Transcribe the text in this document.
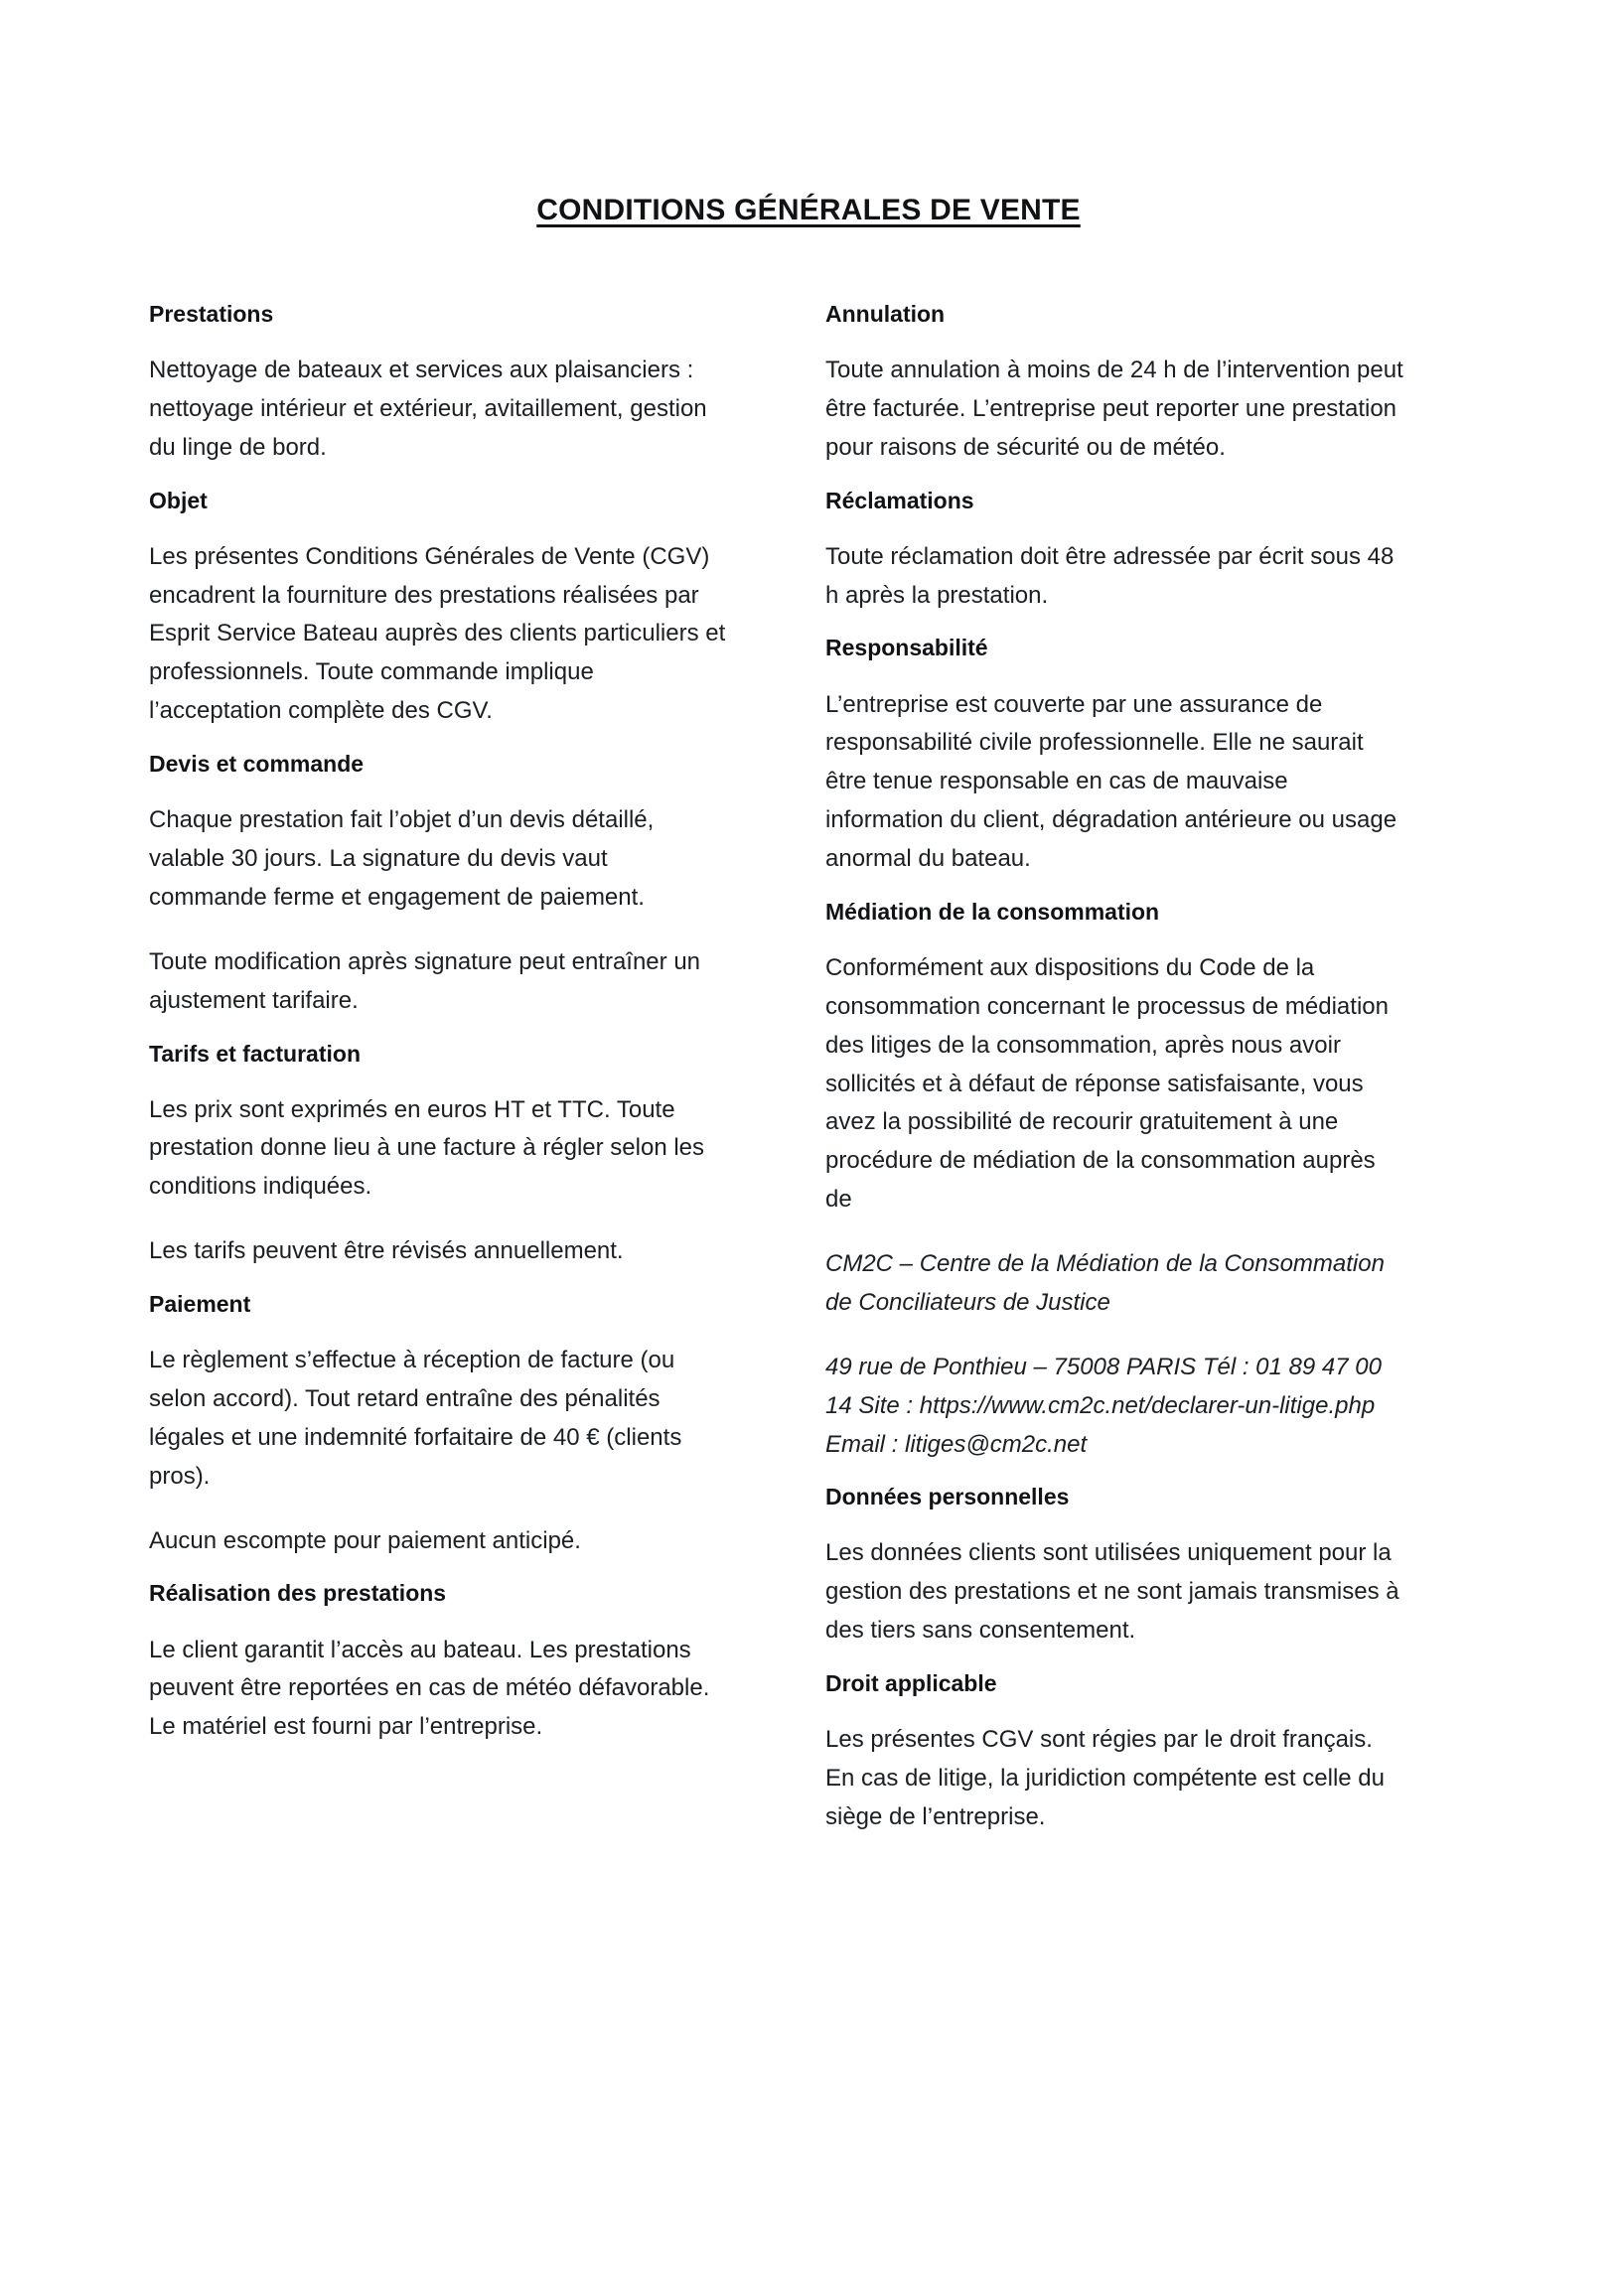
CONDITIONS GÉNÉRALES DE VENTE
Prestations

Nettoyage de bateaux et services aux plaisanciers : nettoyage intérieur et extérieur, avitaillement, gestion du linge de bord.

Objet

Les présentes Conditions Générales de Vente (CGV) encadrent la fourniture des prestations réalisées par Esprit Service Bateau auprès des clients particuliers et professionnels. Toute commande implique l’acceptation complète des CGV.

Devis et commande

Chaque prestation fait l’objet d’un devis détaillé, valable 30 jours. La signature du devis vaut commande ferme et engagement de paiement.

Toute modification après signature peut entraîner un ajustement tarifaire.

Tarifs et facturation

Les prix sont exprimés en euros HT et TTC. Toute prestation donne lieu à une facture à régler selon les conditions indiquées.

Les tarifs peuvent être révisés annuellement.

Paiement

Le règlement s’effectue à réception de facture (ou selon accord). Tout retard entraîne des pénalités légales et une indemnité forfaitaire de 40 € (clients pros).

Aucun escompte pour paiement anticipé.

Réalisation des prestations

Le client garantit l’accès au bateau. Les prestations peuvent être reportées en cas de météo défavorable. Le matériel est fourni par l’entreprise.

Annulation

Toute annulation à moins de 24 h de l’intervention peut être facturée. L’entreprise peut reporter une prestation pour raisons de sécurité ou de météo.

Réclamations

Toute réclamation doit être adressée par écrit sous 48 h après la prestation.

Responsabilité

L’entreprise est couverte par une assurance de responsabilité civile professionnelle. Elle ne saurait être tenue responsable en cas de mauvaise information du client, dégradation antérieure ou usage anormal du bateau.

Médiation de la consommation

Conformément aux dispositions du Code de la consommation concernant le processus de médiation des litiges de la consommation, après nous avoir sollicités et à défaut de réponse satisfaisante, vous avez la possibilité de recourir gratuitement à une procédure de médiation de la consommation auprès de

CM2C – Centre de la Médiation de la Consommation de Conciliateurs de Justice

49 rue de Ponthieu – 75008 PARIS Tél : 01 89 47 00 14 Site : https://www.cm2c.net/declarer-un-litige.php Email : litiges@cm2c.net

Données personnelles

Les données clients sont utilisées uniquement pour la gestion des prestations et ne sont jamais transmises à des tiers sans consentement.

Droit applicable

Les présentes CGV sont régies par le droit français. En cas de litige, la juridiction compétente est celle du siège de l’entreprise.
